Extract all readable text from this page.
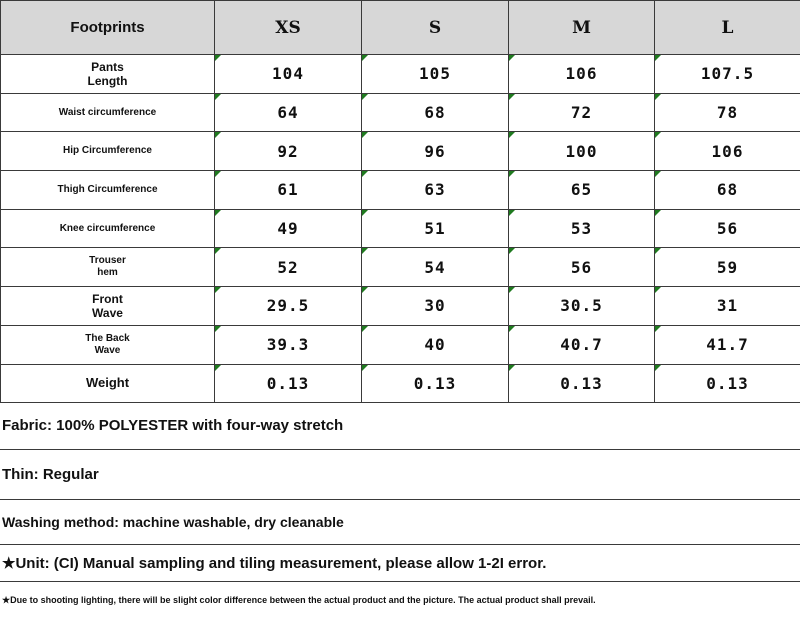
Footprints	XS	S	M	L
Pants
Length	104	105	106	107.5
Waist circumference	64	68	72	78
Hip Circumference	92	96	100	106
Thigh Circumference	61	63	65	68
Knee circumference	49	51	53	56
Trouser
hem	52	54	56	59
Front
Wave	29.5	30	30.5	31
The Back
Wave	39.3	40	40.7	41.7
Weight	0.13	0.13	0.13	0.13
Fabric: 100% POLYESTER with four-way stretch
Thin: Regular
Washing method: machine washable, dry cleanable
★Unit: (CI) Manual sampling and tiling measurement, please allow 1-2I error.
★Due to shooting lighting, there will be slight color difference between the actual product and the picture. The actual product shall prevail.
